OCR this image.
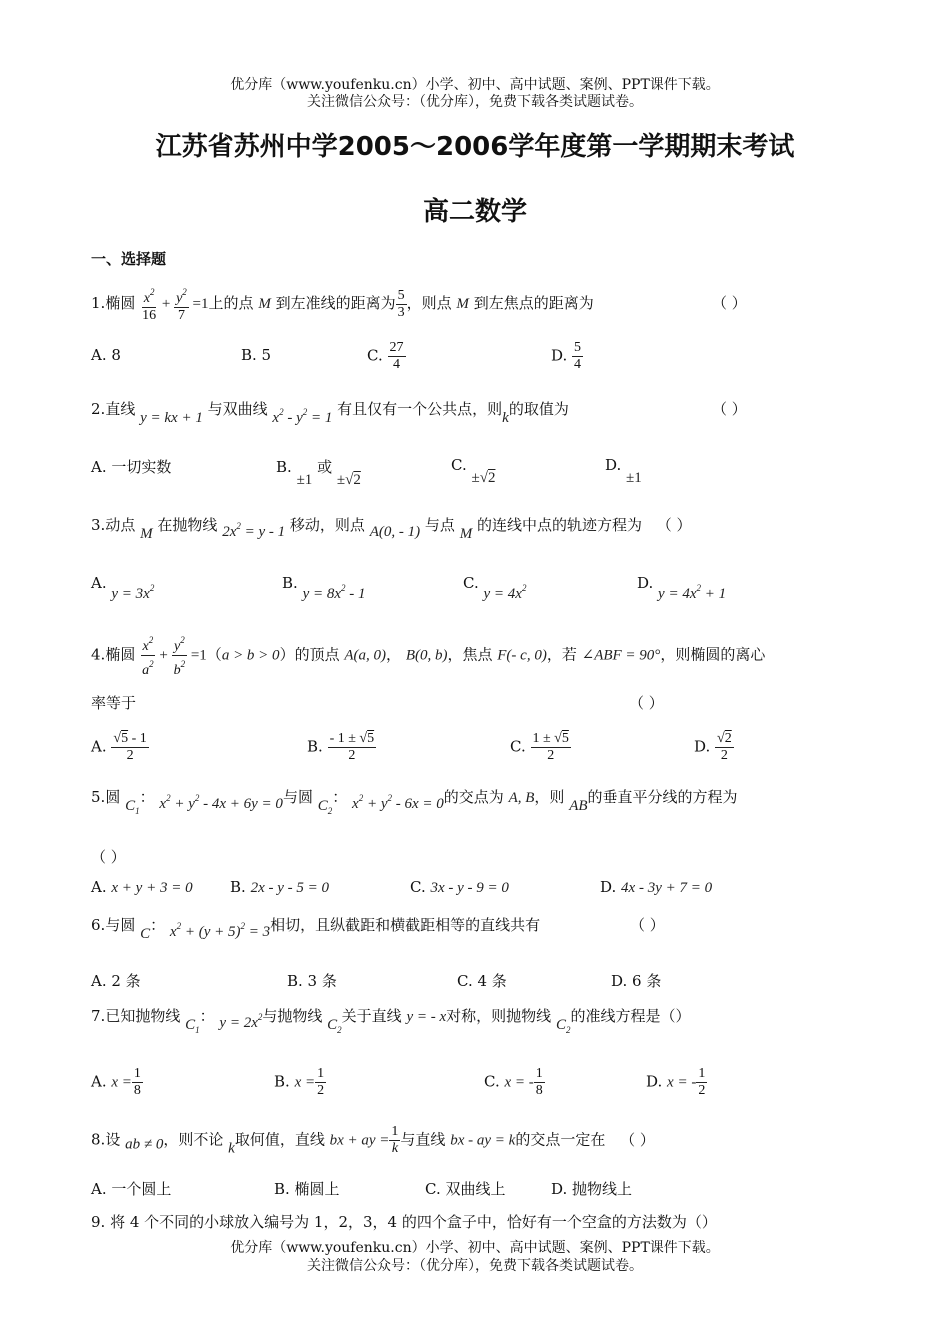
优分库（www.youfenku.cn）小学、初中、高中试题、案例、PPT课件下载。
关注微信公众号：（优分库），免费下载各类试题试卷。
江苏省苏州中学2005～2006学年度第一学期期末考试
高二数学
一、选择题
1.椭圆 $\frac{x^2}{16} + \frac{y^2}{7} =1$上的点 M 到左准线的距离为 $\frac{5}{3}$ ，则点 M 到左焦点的距离为	（ ）
A. 8	B. 5	C. $\frac{27}{4}$	D. $\frac{5}{4}$
2.直线 y = kx + 1 与双曲线 $x^2 - y^2 = 1$ 有且仅有一个公共点，则k的取值为	（ ）
A. 一切实数	B. ±1 或 ±√2
C. ±√2
D. ±1
3.动点 M 在抛物线 $2x^2 = y - 1$ 移动，则点 A(0, - 1) 与点 M 的连线中点的轨迹方程为 （ ）
A. $y = 3x^2$	B. $y = 8x^2 - 1$
C. $y = 4x^2$	D. $y = 4x^2 + 1$
4.椭圆 $\frac{x^2}{a^2} + \frac{y^2}{b^2} =1(a > b > 0)$的顶点 A(a, 0)， B(0, b)，焦点 F(- c, 0)，若 ∠ABF = 90°，则椭圆的离心
率等于	（ ）
A. $\frac{√5 - 1}{2}$	B. $\frac{- 1 \pm √5}{2}$	C. $\frac{1 \pm √5}{2}$	D. $\frac{√2}{2}$
5.圆 $C_1$： $x^2 + y^2 - 4x + 6y = 0$与圆 $C_2$： $x^2 + y^2 - 6x = 0$的交点为 A, B，则 AB的垂直平分线的方程为
（ ）
A. x + y + 3 = 0 B. 2x - y - 5 = 0	C. 3x - y - 9 = 0	D. 4x - 3y + 7 = 0
6.与圆 C： $x^2 + (y + 5)^2 = 3$相切，且纵截距和横截距相等的直线共有	（ ）
A. 2 条	B. 3 条	C. 4 条	D. 6 条
7.已知抛物线 $C_1$： $y = 2x^2$与抛物线 $C_2$关于直线 y = - x对称，则抛物线 $C_2$的准线方程是（）
A. $x = \frac{1}{8}$	B. $x = \frac{1}{2}$	C. x = - $\frac{1}{8}$	D. x = - $\frac{1}{2}$
8.设 ab ≠ 0，则不论 k取何值，直线 bx + ay = $\frac{1}{k}$ 与直线 bx - ay = k的交点一定在 （ ）
A. 一个圆上	B. 椭圆上	C. 双曲线上	D. 抛物线上
9. 将 4 个不同的小球放入编号为 1，2，3，4 的四个盒子中，恰好有一个空盒的方法数为（）
优分库（www.youfenku.cn）小学、初中、高中试题、案例、PPT课件下载。
关注微信公众号：（优分库），免费下载各类试题试卷。
